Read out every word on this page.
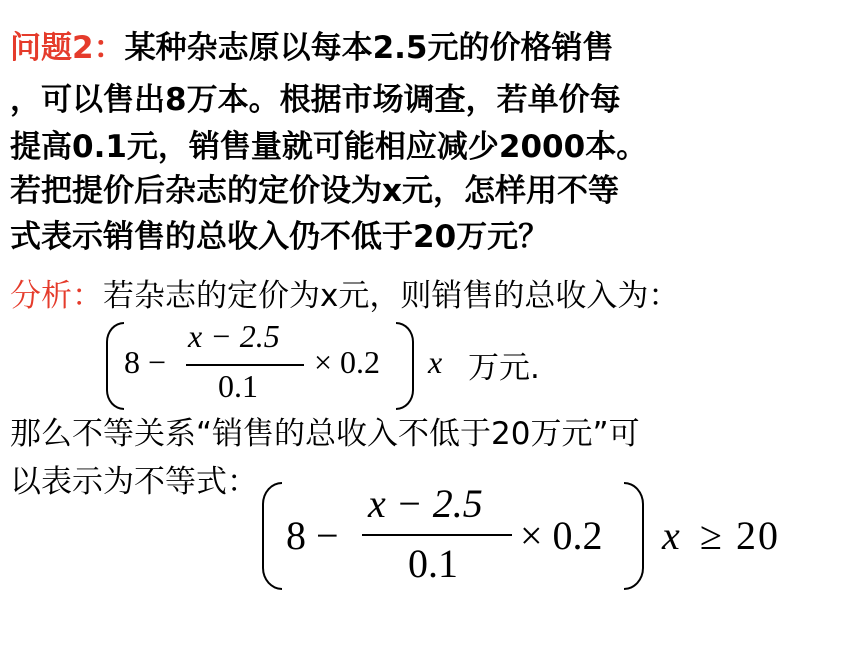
问题2：某种杂志原以每本2.5元的价格销售
，可以售出8万本。根据市场调查，若单价每
提高0.1元，销售量就可能相应减少2000本。
若把提价后杂志的定价设为x元，怎样用不等
式表示销售的总收入仍不低于20万元？
分析：若杂志的定价为x元，则销售的总收入为：
8 −
x − 2.5
0.1
× 0.2 x 万元.
那么不等关系“销售的总收入不低于20万元”可
以表示为不等式：
8 −
x − 2.5
0.1
× 0.2 x ≥ 20
